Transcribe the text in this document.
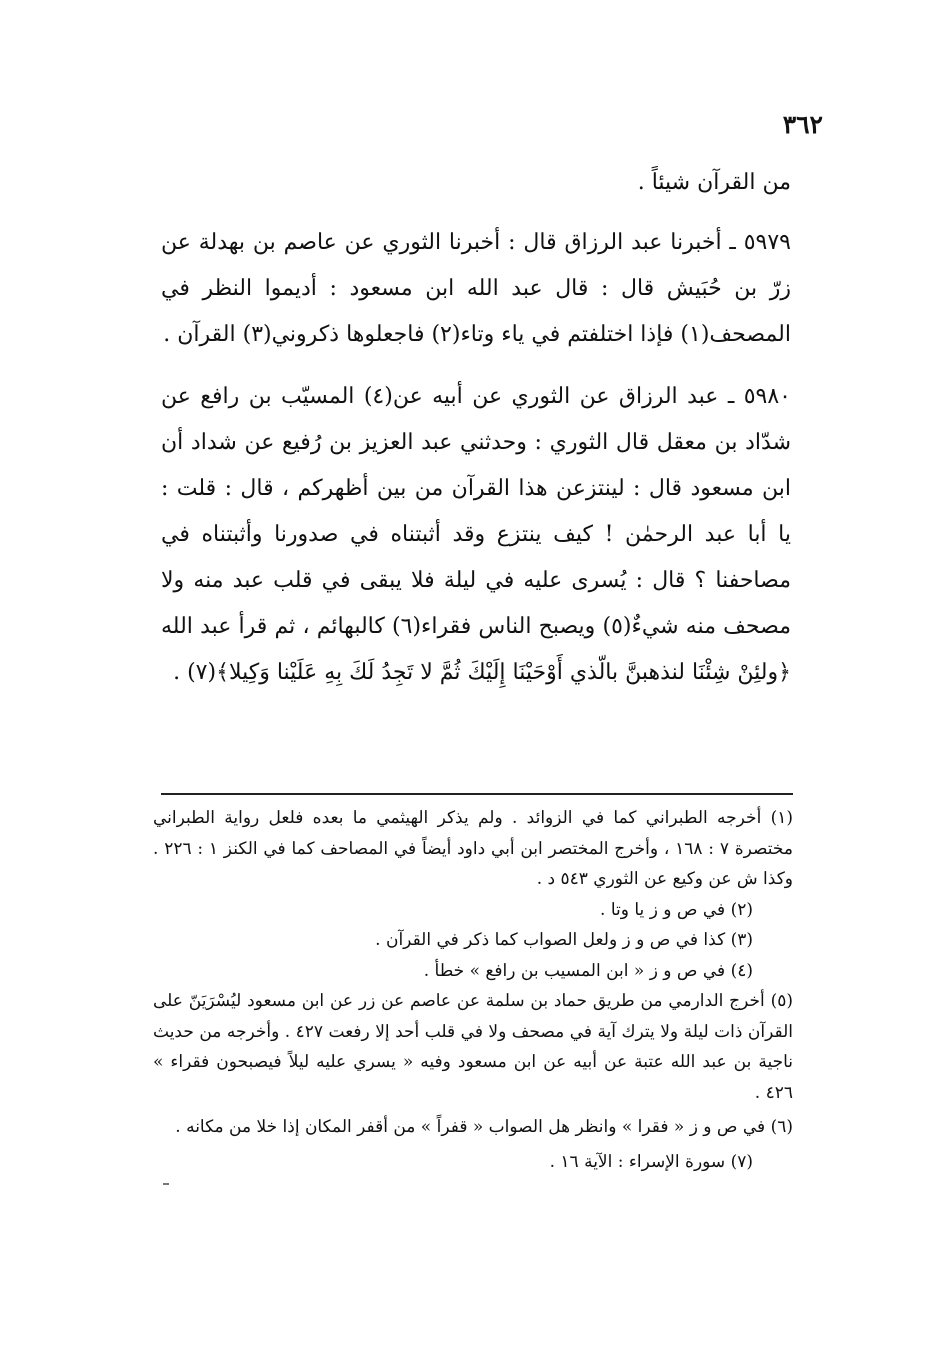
٣٦٢

من القرآن شيئاً .

٥٩٧٩ ـ أخبرنا عبد الرزاق قال : أخبرنا الثوري عن عاصم بن بهدلة عن زرّ بن حُبَيش قال : قال عبد الله ابن مسعود : أديموا النظر في المصحف(١) فإذا اختلفتم في ياء وتاء(٢) فاجعلوها ذكروني(٣) القرآن .

٥٩٨٠ ـ عبد الرزاق عن الثوري عن أبيه عن(٤) المسيّب بن رافع عن شدّاد بن معقل قال الثوري : وحدثني عبد العزيز بن رُفيع عن شداد أن ابن مسعود قال : لينتزعن هذا القرآن من بين أظهركم ، قال : قلت : يا أبا عبد الرحمٰن ! كيف ينتزع وقد أثبتناه في صدورنا وأثبتناه في مصاحفنا ؟ قال : يُسرى عليه في ليلة فلا يبقى في قلب عبد منه ولا مصحف منه شيءٌ(٥) ويصبح الناس فقراء(٦) كالبهائم ، ثم قرأ عبد الله ﴿ولئِنْ شِئْنَا لنذهبنَّ بالّذي أَوْحَيْنَا إِلَيْكَ ثُمَّ لا تَجِدُ لَكَ بِهِ عَلَيْنا وَكِيلا﴾(٧) .

(١) أخرجه الطبراني كما في الزوائد . ولم يذكر الهيثمي ما بعده فلعل رواية الطبراني مختصرة ٧ : ١٦٨ ، وأخرج المختصر ابن أبي داود أيضاً في المصاحف كما في الكنز ١ : ٢٢٦ . وكذا ش عن وكيع عن الثوري ٥٤٣ د .

(٢) في ص و ز يا وتا .

(٣) كذا في ص و ز ولعل الصواب كما ذكر في القرآن .

(٤) في ص و ز « ابن المسيب بن رافع » خطأ .

(٥) أخرج الدارمي من طريق حماد بن سلمة عن عاصم عن زر عن ابن مسعود ليُسْرَيَنّ على القرآن ذات ليلة ولا يترك آية في مصحف ولا في قلب أحد إلا رفعت ٤٢٧ . وأخرجه من حديث ناجية بن عبد الله عتبة عن أبيه عن ابن مسعود وفيه « يسري عليه ليلاً فيصبحون فقراء » ٤٢٦ .

(٦) في ص و ز « فقرا » وانظر هل الصواب « قفراً » من أقفر المكان إذا خلا من مكانه .

(٧) سورة الإسراء : الآية ١٦ .
